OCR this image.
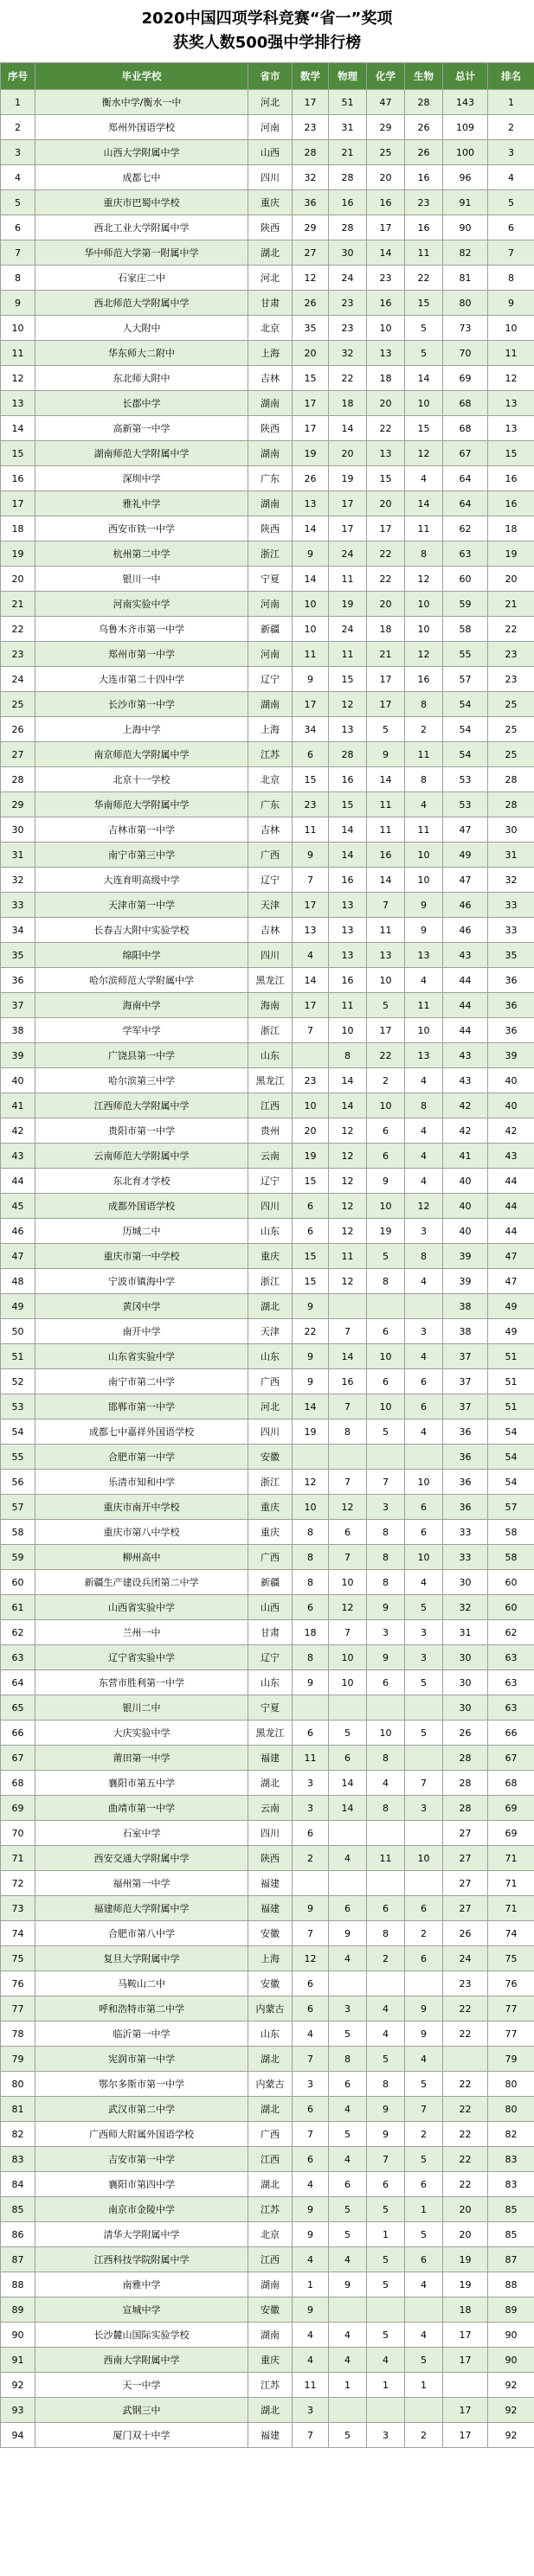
2020中国四项学科竞赛“省一”奖项

获奖人数500强中学排行榜

序号	毕业学校	省市	数学	物理	化学	生物	总计	排名
1	衡水中学/衡水一中	河北	17	51	47	28	143	1
2	郑州外国语学校	河南	23	31	29	26	109	2
3	山西大学附属中学	山西	28	21	25	26	100	3
4	成都七中	四川	32	28	20	16	96	4
5	重庆市巴蜀中学校	重庆	36	16	16	23	91	5
6	西北工业大学附属中学	陕西	29	28	17	16	90	6
7	华中师范大学第一附属中学	湖北	27	30	14	11	82	7
8	石家庄二中	河北	12	24	23	22	81	8
9	西北师范大学附属中学	甘肃	26	23	16	15	80	9
10	人大附中	北京	35	23	10	5	73	10
11	华东师大二附中	上海	20	32	13	5	70	11
12	东北师大附中	吉林	15	22	18	14	69	12
13	长郡中学	湖南	17	18	20	10	68	13
14	高新第一中学	陕西	17	14	22	15	68	13
15	湖南师范大学附属中学	湖南	19	20	13	12	67	15
16	深圳中学	广东	26	19	15	4	64	16
17	雅礼中学	湖南	13	17	20	14	64	16
18	西安市铁一中学	陕西	14	17	17	11	62	18
19	杭州第二中学	浙江	9	24	22	8	63	19
20	银川一中	宁夏	14	11	22	12	60	20
21	河南实验中学	河南	10	19	20	10	59	21
22	乌鲁木齐市第一中学	新疆	10	24	18	10	58	22
23	郑州市第一中学	河南	11	11	21	12	55	23
24	大连市第二十四中学	辽宁	9	15	17	16	57	23
25	长沙市第一中学	湖南	17	12	17	8	54	25
26	上海中学	上海	34	13	5	2	54	25
27	南京师范大学附属中学	江苏	6	28	9	11	54	25
28	北京十一学校	北京	15	16	14	8	53	28
29	华南师范大学附属中学	广东	23	15	11	4	53	28
30	吉林市第一中学	吉林	11	14	11	11	47	30
31	南宁市第三中学	广西	9	14	16	10	49	31
32	大连育明高级中学	辽宁	7	16	14	10	47	32
33	天津市第一中学	天津	17	13	7	9	46	33
34	长春吉大附中实验学校	吉林	13	13	11	9	46	33
35	绵阳中学	四川	4	13	13	13	43	35
36	哈尔滨师范大学附属中学	黑龙江	14	16	10	4	44	36
37	海南中学	海南	17	11	5	11	44	36
38	学军中学	浙江	7	10	17	10	44	36
39	广饶县第一中学	山东		8	22	13	43	39
40	哈尔滨第三中学	黑龙江	23	14	2	4	43	40
41	江西师范大学附属中学	江西	10	14	10	8	42	40
42	贵阳市第一中学	贵州	20	12	6	4	42	42
43	云南师范大学附属中学	云南	19	12	6	4	41	43
44	东北育才学校	辽宁	15	12	9	4	40	44
45	成都外国语学校	四川	6	12	10	12	40	44
46	历城二中	山东	6	12	19	3	40	44
47	重庆市第一中学校	重庆	15	11	5	8	39	47
48	宁波市镇海中学	浙江	15	12	8	4	39	47
49	黄冈中学	湖北	9				38	49
50	南开中学	天津	22	7	6	3	38	49
51	山东省实验中学	山东	9	14	10	4	37	51
52	南宁市第二中学	广西	9	16	6	6	37	51
53	邯郸市第一中学	河北	14	7	10	6	37	51
54	成都七中嘉祥外国语学校	四川	19	8	5	4	36	54
55	合肥市第一中学	安徽					36	54
56	乐清市知和中学	浙江	12	7	7	10	36	54
57	重庆市南开中学校	重庆	10	12	3	6	36	57
58	重庆市第八中学校	重庆	8	6	8	6	33	58
59	柳州高中	广西	8	7	8	10	33	58
60	新疆生产建设兵团第二中学	新疆	8	10	8	4	30	60
61	山西省实验中学	山西	6	12	9	5	32	60
62	兰州一中	甘肃	18	7	3	3	31	62
63	辽宁省实验中学	辽宁	8	10	9	3	30	63
64	东营市胜利第一中学	山东	9	10	6	5	30	63
65	银川二中	宁夏					30	63
66	大庆实验中学	黑龙江	6	5	10	5	26	66
67	莆田第一中学	福建	11	6	8		28	67
68	襄阳市第五中学	湖北	3	14	4	7	28	68
69	曲靖市第一中学	云南	3	14	8	3	28	69
70	石室中学	四川	6				27	69
71	西安交通大学附属中学	陕西	2	4	11	10	27	71
72	福州第一中学	福建					27	71
73	福建师范大学附属中学	福建	9	6	6	6	27	71
74	合肥市第八中学	安徽	7	9	8	2	26	74
75	复旦大学附属中学	上海	12	4	2	6	24	75
76	马鞍山二中	安徽	6				23	76
77	呼和浩特市第二中学	内蒙古	6	3	4	9	22	77
78	临沂第一中学	山东	4	5	4	9	22	77
79	宪润市第一中学	湖北	7	8	5	4		79
80	鄂尔多斯市第一中学	内蒙古	3	6	8	5	22	80
81	武汉市第二中学	湖北	6	4	9	7	22	80
82	广西师大附属外国语学校	广西	7	5	9	2	22	82
83	吉安市第一中学	江西	6	4	7	5	22	83
84	襄阳市第四中学	湖北	4	6	6	6	22	83
85	南京市金陵中学	江苏	9	5	5	1	20	85
86	清华大学附属中学	北京	9	5	1	5	20	85
87	江西科技学院附属中学	江西	4	4	5	6	19	87
88	南雅中学	湖南	1	9	5	4	19	88
89	宣城中学	安徽	9				18	89
90	长沙麓山国际实验学校	湖南	4	4	5	4	17	90
91	西南大学附属中学	重庆	4	4	4	5	17	90
92	天一中学	江苏	11	1	1	1		92
93	武钢三中	湖北	3				17	92
94	厦门双十中学	福建	7	5	3	2	17	92
